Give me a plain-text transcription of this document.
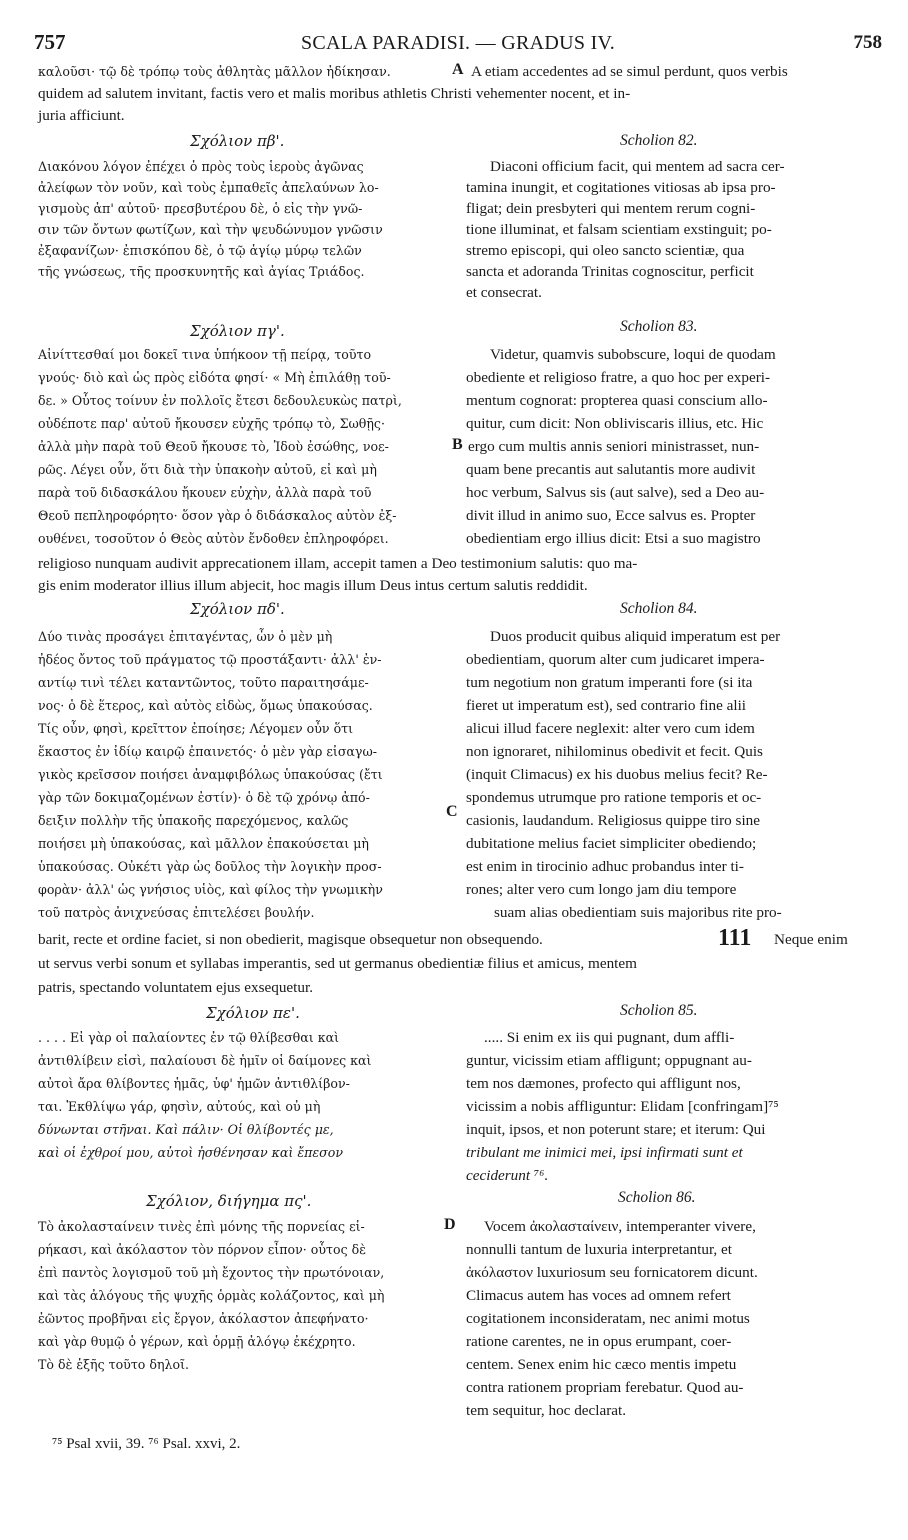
757	SCALA PARADISI. — GRADUS IV.	758
καλοῦσι· τῷ δὲ τρόπῳ τοὺς ἀθλητὰς μᾶλλον ἠδίκησαν.	A A etiam accedentes ad se simul perdunt, quos verbis
quidem ad salutem invitant, factis vero et malis moribus athletis Christi vehementer nocent, et in-
juria afficiunt.
Σχόλιον πβ'.	Scholion 82.
Διακόνου λόγον ἐπέχει ὁ πρὸς τοὺς ἱεροὺς ἀγῶνας
ἀλείφων τὸν νοῦν, καὶ τοὺς ἐμπαθεῖς ἀπελαύνων λο-
γισμοὺς ἀπ' αὐτοῦ· πρεσβυτέρου δὲ, ὁ εἰς τὴν γνῶ-
σιν τῶν ὄντων φωτίζων, καὶ τὴν ψευδώνυμον γνῶσιν
ἐξαφανίζων· ἐπισκόπου δὲ, ὁ τῷ ἁγίῳ μύρῳ τελῶν
τῆς γνώσεως, τῆς προσκυνητῆς καὶ ἁγίας Τριάδος.
Diaconi officium facit, qui mentem ad sacra cer-
tamina inungit, et cogitationes vitiosas ab ipsa pro-
fligat; dein presbyteri qui mentem rerum cogni-
tione illuminat, et falsam scientiam exstinguit; po-
stremo episcopi, qui oleo sancto scientiæ, qua
sancta et adoranda Trinitas cognoscitur, perficit
et consecrat.
Σχόλιον πγ'.	Scholion 83.
Αἰνίττεσθαί μοι δοκεῖ τινα ὑπήκοον τῇ πείρᾳ, τοῦτο
γνούς· διὸ καὶ ὡς πρὸς εἰδότα φησί· « Μὴ ἐπιλάθῃ τοῦ-
δε. » Οὗτος τοίνυν ἐν πολλοῖς ἔτεσι δεδουλευκὼς πατρὶ,
οὐδέποτε παρ' αὐτοῦ ἤκουσεν εὐχῆς τρόπῳ τὸ, Σωθῇς·
ἀλλὰ μὴν παρὰ τοῦ Θεοῦ ἤκουσε τὸ, Ἰδοὺ ἐσώθης, νοε-
ρῶς. Λέγει οὖν, ὅτι διὰ τὴν ὑπακοὴν αὐτοῦ, εἰ καὶ μὴ
παρὰ τοῦ διδασκάλου ἤκουεν εὐχὴν, ἀλλὰ παρὰ τοῦ
Θεοῦ πεπληροφόρητο· ὅσον γὰρ ὁ διδάσκαλος αὐτὸν ἐξ-
ουθένει, τοσοῦτον ὁ Θεὸς αὐτὸν ἔνδοθεν ἐπληροφόρει.
B
Videtur, quamvis subobscure, loqui de quodam
obediente et religioso fratre, a quo hoc per experi-
mentum cognorat: propterea quasi conscium allo-
quitur, cum dicit: Non obliviscaris illius, etc. Hic
ergo cum multis annis seniori ministrasset, nun-
quam bene precantis aut salutantis more audivit
hoc verbum, Salvus sis (aut salve), sed a Deo au-
divit illud in animo suo, Ecce salvus es. Propter
obedientiam ergo illius dicit: Etsi a suo magistro
religioso nunquam audivit apprecationem illam, accepit tamen a Deo testimonium salutis: quo ma-
gis enim moderator illius illum abjecit, hoc magis illum Deus intus certum salutis reddidit.
Σχόλιον πδ'.	Scholion 84.
Δύο τινὰς προσάγει ἐπιταγέντας, ὧν ὁ μὲν μὴ
ἠδέος ὄντος τοῦ πράγματος τῷ προστάξαντι· ἀλλ' ἐν-
αντίῳ τινὶ τέλει καταντῶντος, τοῦτο παραιτησάμε-
νος· ὁ δὲ ἕτερος, καὶ αὐτὸς εἰδὼς, ὅμως ὑπακούσας.
Τίς οὖν, φησὶ, κρεῖττον ἐποίησε; Λέγομεν οὖν ὅτι
ἕκαστος ἐν ἰδίῳ καιρῷ ἐπαινετός· ὁ μὲν γὰρ εἰσαγω-
γικὸς κρεῖσσον ποιήσει ἀναμφιβόλως ὑπακούσας (ἔτι
γὰρ τῶν δοκιμαζομένων ἐστίν)· ὁ δὲ τῷ χρόνῳ ἀπό-
δειξιν πολλὴν τῆς ὑπακοῆς παρεχόμενος, καλῶς
ποιήσει μὴ ὑπακούσας, καὶ μᾶλλον ἐπακούσεται μὴ
ὑπακούσας. Οὐκέτι γὰρ ὡς δοῦλος τὴν λογικὴν προσ-
φορὰν· ἀλλ' ὡς γνήσιος υἱὸς, καὶ φίλος τὴν γνωμικὴν
τοῦ πατρὸς ἀνιχνεύσας ἐπιτελέσει βουλήν.
C
Duos producit quibus aliquid imperatum est per
obedientiam, quorum alter cum judicaret impera-
tum negotium non gratum imperanti fore (si ita
fieret ut imperatum est), sed contrario fine alii
alicui illud facere neglexit: alter vero cum idem
non ignoraret, nihilominus obedivit et fecit. Quis
(inquit Climacus) ex his duobus melius fecit? Re-
spondemus utrumque pro ratione temporis et oc-
casionis, laudandum. Religiosus quippe tiro sine
dubitatione melius faciet simpliciter obediendo;
est enim in tirocinio adhuc probandus inter ti-
rones; alter vero cum longo jam diu tempore
suam alias obedientiam suis majoribus rite pro-
barit, recte et ordine faciet, si non obedierit, magisque obsequetur non obsequendo.	111 Neque enim
ut servus verbi sonum et syllabas imperantis, sed ut germanus obedientiæ filius et amicus, mentem
patris, spectando voluntatem ejus exsequetur.
Σχόλιον πε'.	Scholion 85.
. . . . Εἰ γὰρ οἱ παλαίοντες ἐν τῷ θλίβεσθαι καὶ
ἀντιθλίβειν εἰσὶ, παλαίουσι δὲ ἡμῖν οἱ δαίμονες καὶ
αὐτοὶ ἄρα θλίβοντες ἡμᾶς, ὑφ' ἡμῶν ἀντιθλίβον-
ται. Ἐκθλίψω γάρ, φησὶν, αὐτούς, καὶ οὐ μὴ
δύνωνται στῆναι. Καὶ πάλιν· Οἱ θλίβοντές με,
καὶ οἱ ἐχθροί μου, αὐτοὶ ἠσθένησαν καὶ ἔπεσον
..... Si enim ex iis qui pugnant, dum affli-
guntur, vicissim etiam affligunt; oppugnant au-
tem nos dæmones, profecto qui affligunt nos,
vicissim a nobis affliguntur: Elidam [confringam]⁷⁵
inquit, ipsos, et non poterunt stare; et iterum: Qui
tribulant me inimici mei, ipsi infirmati sunt et
ceciderunt ⁷⁶.
Σχόλιον, διήγημα πς'.	Scholion 86.
Τὸ ἀκολασταίνειν τινὲς ἐπὶ μόνης τῆς πορνείας εἰ-
ρήκασι, καὶ ἀκόλαστον τὸν πόρνον εἶπον· οὗτος δὲ
ἐπὶ παντὸς λογισμοῦ τοῦ μὴ ἔχοντος τὴν πρωτόνοιαν,
καὶ τὰς ἀλόγους τῆς ψυχῆς ὁρμὰς κολάζοντος, καὶ μὴ
ἐῶντος προβῆναι εἰς ἔργον, ἀκόλαστον ἀπεφήνατο·
καὶ γὰρ θυμῷ ὁ γέρων, καὶ ὁρμῇ ἀλόγῳ ἐκέχρητο.
Τὸ δὲ ἑξῆς τοῦτο δηλοῖ.
D Vocem ἀκολασταίνειν, intemperanter vivere,
nonnulli tantum de luxuria interpretantur, et
ἀκόλαστον luxuriosum seu fornicatorem dicunt.
Climacus autem has voces ad omnem refert
cogitationem inconsideratam, nec animi motus
ratione carentes, ne in opus erumpant, coer-
centem. Senex enim hic cæco mentis impetu
contra rationem propriam ferebatur. Quod au-
tem sequitur, hoc declarat.
⁷⁵ Psal xvii, 39. ⁷⁶ Psal. xxvi, 2.
